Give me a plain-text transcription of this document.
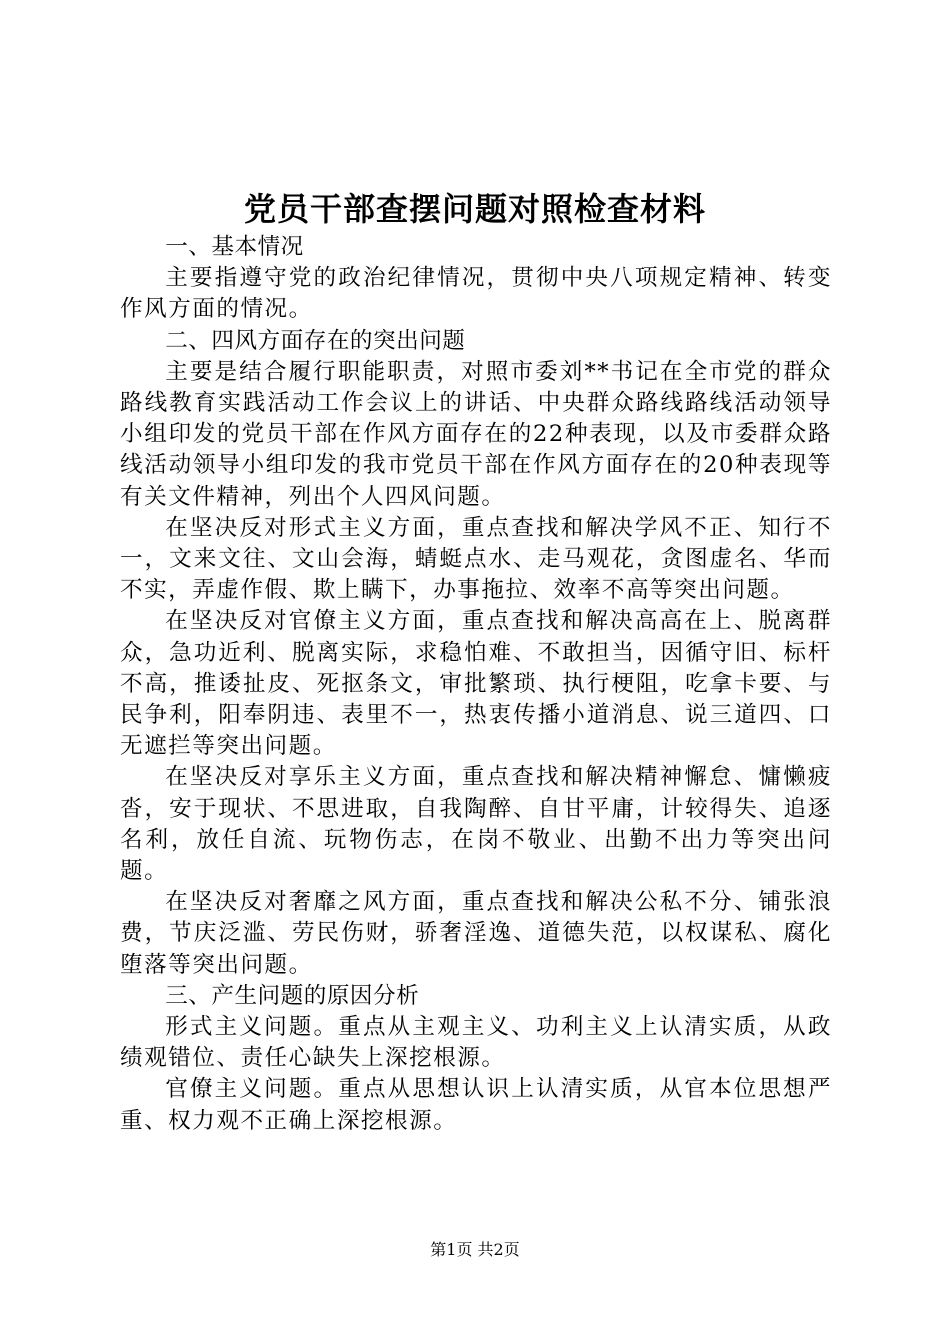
党员干部查摆问题对照检查材料
一、基本情况

主要指遵守党的政治纪律情况，贯彻中央八项规定精神、转变作风方面的情况。

二、四风方面存在的突出问题

主要是结合履行职能职责，对照市委刘**书记在全市党的群众路线教育实践活动工作会议上的讲话、中央群众路线路线活动领导小组印发的党员干部在作风方面存在的22种表现，以及市委群众路线活动领导小组印发的我市党员干部在作风方面存在的20种表现等有关文件精神，列出个人四风问题。

在坚决反对形式主义方面，重点查找和解决学风不正、知行不一，文来文往、文山会海，蜻蜓点水、走马观花，贪图虚名、华而不实，弄虚作假、欺上瞒下，办事拖拉、效率不高等突出问题。

在坚决反对官僚主义方面，重点查找和解决高高在上、脱离群众，急功近利、脱离实际，求稳怕难、不敢担当，因循守旧、标杆不高，推诿扯皮、死抠条文，审批繁琐、执行梗阻，吃拿卡要、与民争利，阳奉阴违、表里不一，热衷传播小道消息、说三道四、口无遮拦等突出问题。

在坚决反对享乐主义方面，重点查找和解决精神懈怠、慵懒疲沓，安于现状、不思进取，自我陶醉、自甘平庸，计较得失、追逐名利，放任自流、玩物伤志，在岗不敬业、出勤不出力等突出问题。

在坚决反对奢靡之风方面，重点查找和解决公私不分、铺张浪费，节庆泛滥、劳民伤财，骄奢淫逸、道德失范，以权谋私、腐化堕落等突出问题。

三、产生问题的原因分析

形式主义问题。重点从主观主义、功利主义上认清实质，从政绩观错位、责任心缺失上深挖根源。

官僚主义问题。重点从思想认识上认清实质，从官本位思想严重、权力观不正确上深挖根源。

第1页 共2页
